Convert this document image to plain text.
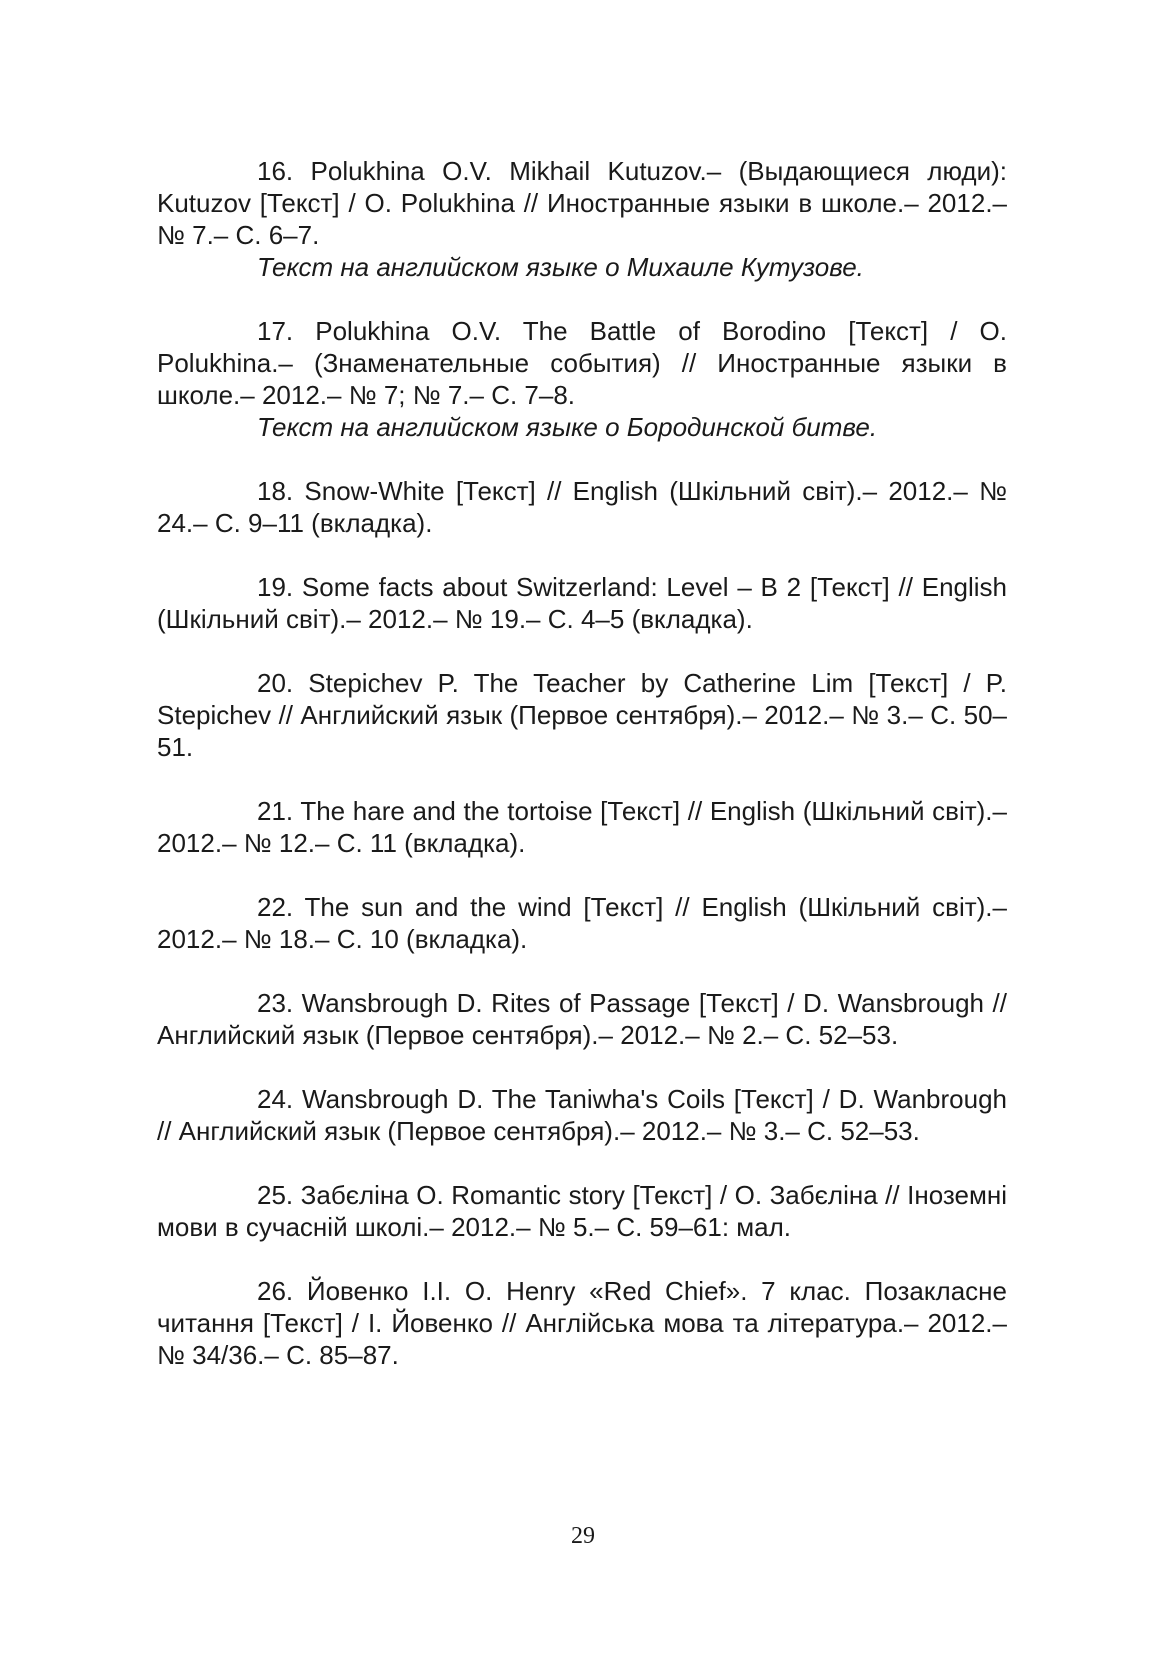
16. Polukhina O.V. Mikhail Kutuzov.– (Выдающиеся люди): Kutuzov [Текст] / O. Polukhina // Иностранные языки в школе.– 2012.– № 7.– С. 6–7.
Текст на английском языке о Михаиле Кутузове.

17. Polukhina O.V. The Battle of Borodino [Текст] / O. Polukhina.– (Знаменательные события) // Иностранные языки в школе.– 2012.– № 7; № 7.– С. 7–8.
Текст на английском языке о Бородинской битве.

18. Snow-White [Текст] // English (Шкільний світ).– 2012.– № 24.– С. 9–11 (вкладка).

19. Some facts about Switzerland: Level – B 2 [Текст] // English (Шкільний світ).– 2012.– № 19.– С. 4–5 (вкладка).

20. Stepichev P. The Teacher by Catherine Lim [Текст] / P. Stepichev // Английский язык (Первое сентября).– 2012.– № 3.– С. 50–51.

21. The hare and the tortoise [Текст] // English (Шкільний світ).– 2012.– № 12.– С. 11 (вкладка).

22. The sun and the wind [Текст] // English (Шкільний світ).– 2012.– № 18.– С. 10 (вкладка).

23. Wansbrough D. Rites of Passage [Текст] / D. Wansbrough // Английский язык (Первое сентября).– 2012.– № 2.– С. 52–53.

24. Wansbrough D. The Taniwha's Coils [Текст] / D. Wanbrough // Английский язык (Первое сентября).– 2012.– № 3.– С. 52–53.

25. Забєліна О. Romantic story [Текст] / О. Забєліна // Іноземні мови в сучасній школі.– 2012.– № 5.– С. 59–61: мал.

26. Йовенко І.І. O. Henry «Red Chief». 7 клас. Позакласне читання [Текст] / І. Йовенко // Англійська мова та література.– 2012.– № 34/36.– С. 85–87.

29
